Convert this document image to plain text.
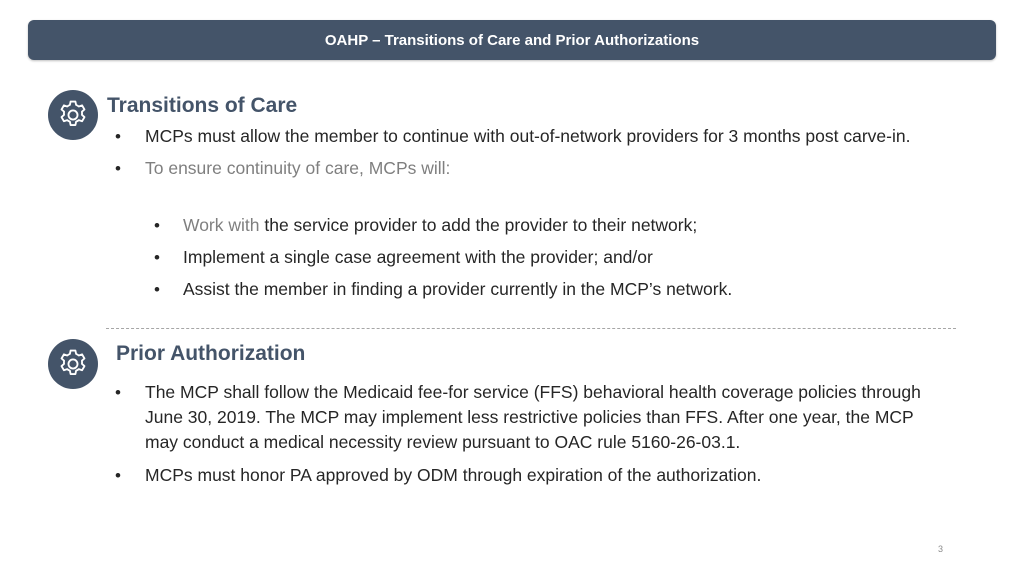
OAHP – Transitions of Care and Prior Authorizations
Transitions of Care
• MCPs must allow the member to continue with out-of-network providers for 3 months post carve-in.
• To ensure continuity of care, MCPs will:
• Work with the service provider to add the provider to their network;
• Implement a single case agreement with the provider; and/or
• Assist the member in finding a provider currently in the MCP’s network.
Prior Authorization
• The MCP shall follow the Medicaid fee-for service (FFS) behavioral health coverage policies through June 30, 2019. The MCP may implement less restrictive policies than FFS. After one year, the MCP may conduct a medical necessity review pursuant to OAC rule 5160-26-03.1.
• MCPs must honor PA approved by ODM through expiration of the authorization.
3
